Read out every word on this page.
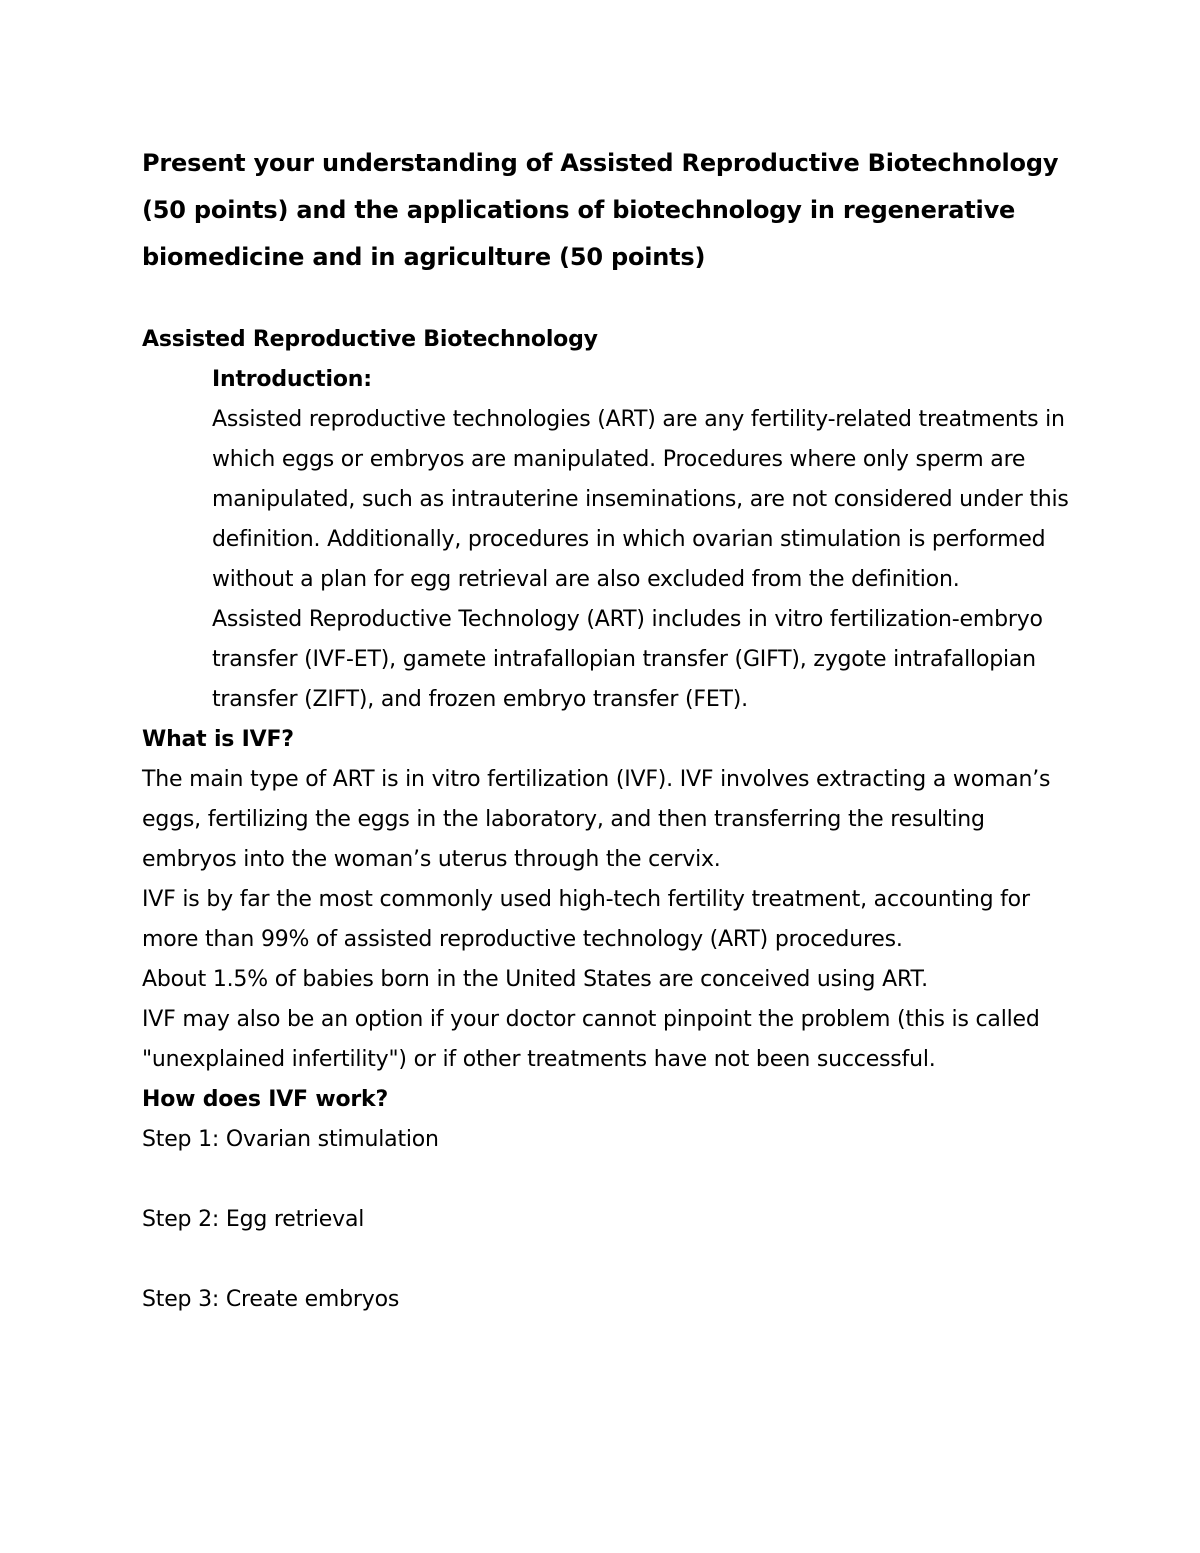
Present your understanding of Assisted Reproductive Biotechnology (50 points) and the applications of biotechnology in regenerative biomedicine and in agriculture (50 points)
Assisted Reproductive Biotechnology
Introduction:

Assisted reproductive technologies (ART) are any fertility-related treatments in which eggs or embryos are manipulated. Procedures where only sperm are manipulated, such as intrauterine inseminations, are not considered under this definition. Additionally, procedures in which ovarian stimulation is performed without a plan for egg retrieval are also excluded from the definition.

Assisted Reproductive Technology (ART) includes in vitro fertilization-embryo transfer (IVF-ET), gamete intrafallopian transfer (GIFT), zygote intrafallopian transfer (ZIFT), and frozen embryo transfer (FET).

What is IVF?

The main type of ART is in vitro fertilization (IVF). IVF involves extracting a woman’s eggs, fertilizing the eggs in the laboratory, and then transferring the resulting embryos into the woman’s uterus through the cervix.

IVF is by far the most commonly used high-tech fertility treatment, accounting for more than 99% of assisted reproductive technology (ART) procedures.

About 1.5% of babies born in the United States are conceived using ART.

IVF may also be an option if your doctor cannot pinpoint the problem (this is called "unexplained infertility") or if other treatments have not been successful.

How does IVF work?

Step 1: Ovarian stimulation

Step 2: Egg retrieval

Step 3: Create embryos
